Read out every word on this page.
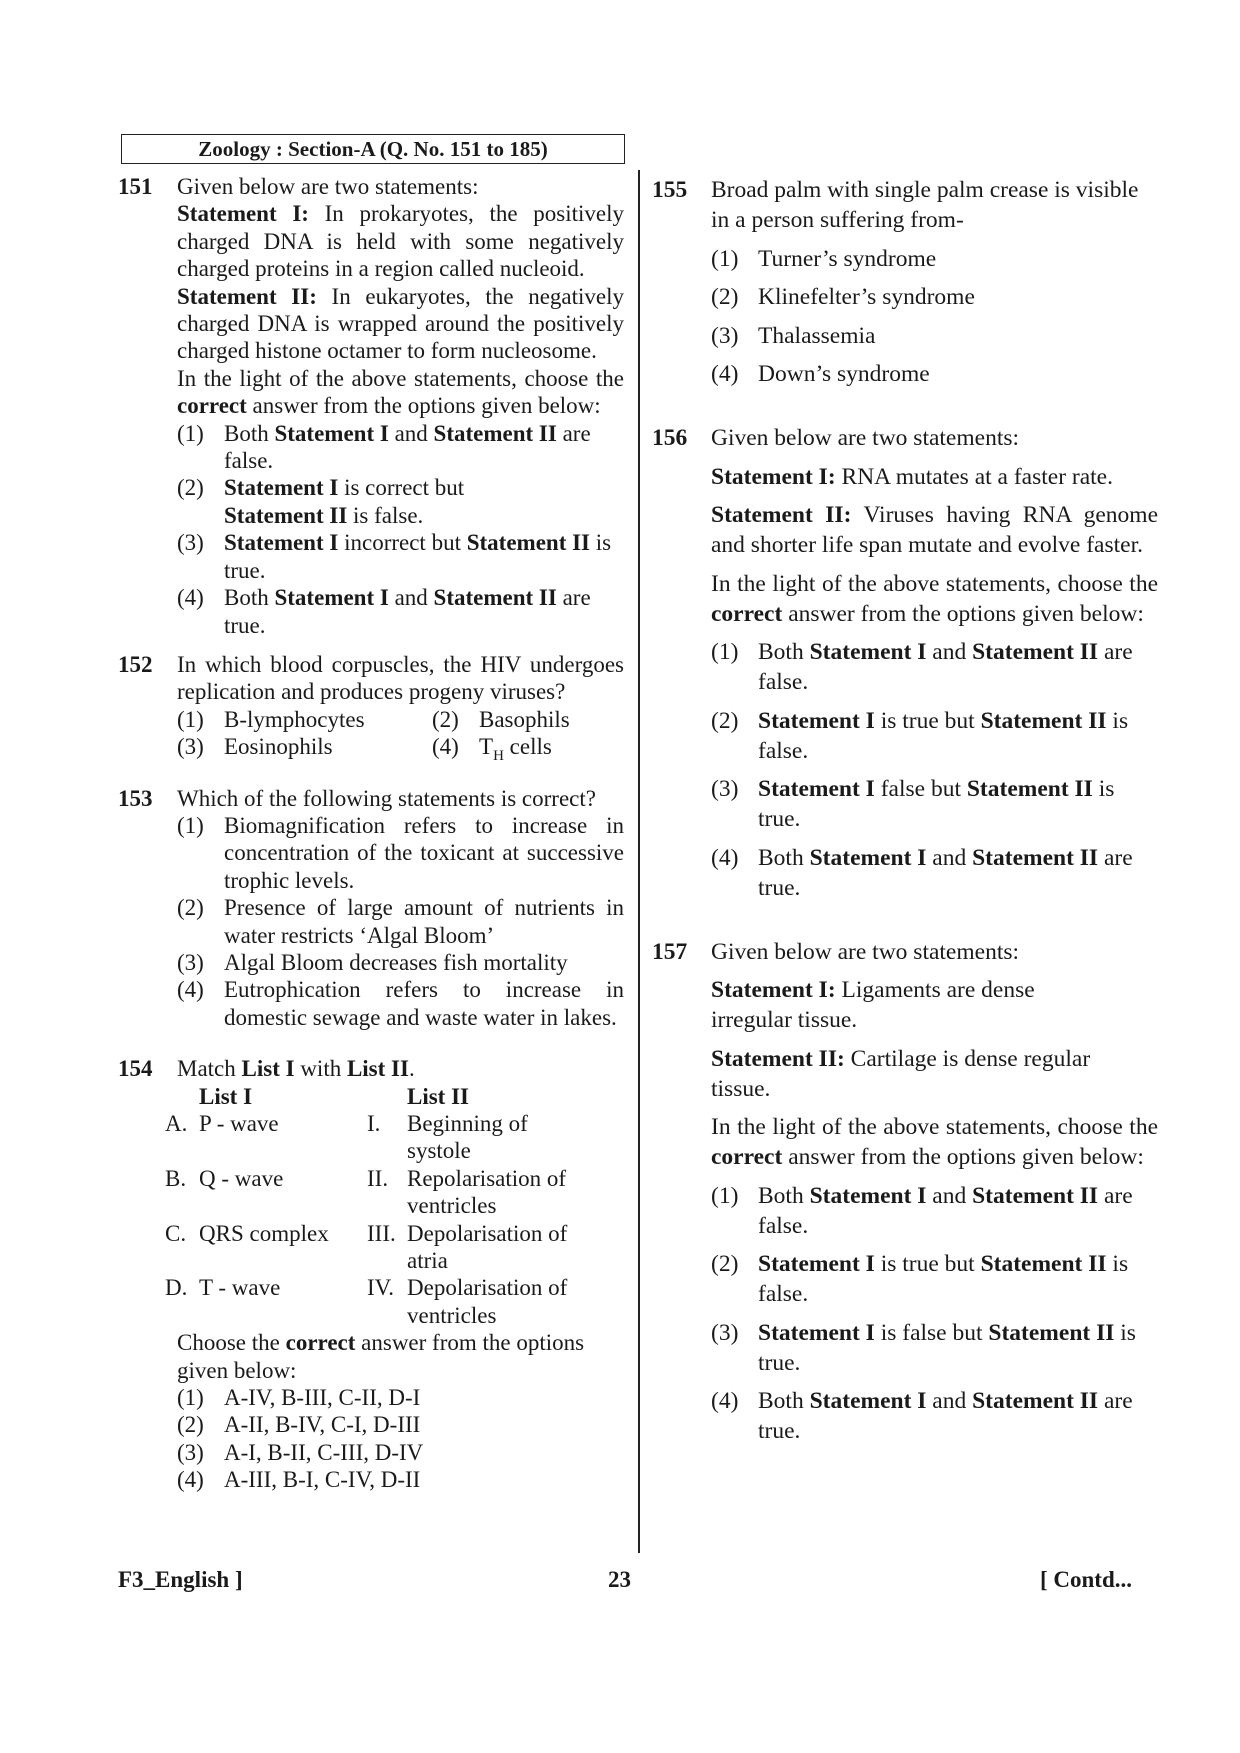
Zoology : Section-A (Q. No. 151 to 185)
151 Given below are two statements:

Statement I: In prokaryotes, the positively charged DNA is held with some negatively charged proteins in a region called nucleoid.

Statement II: In eukaryotes, the negatively charged DNA is wrapped around the positively charged histone octamer to form nucleosome.

In the light of the above statements, choose the correct answer from the options given below:

(1) Both Statement I and Statement II are false.
(2) Statement I is correct but
Statement II is false.
(3) Statement I incorrect but Statement II is true.
(4) Both Statement I and Statement II are true.
152 In which blood corpuscles, the HIV undergoes replication and produces progeny viruses?

(1) B-lymphocytes	(2) Basophils
(3) Eosinophils	(4) $T_H$ cells
153 Which of the following statements is correct?

(1) Biomagnification refers to increase in concentration of the toxicant at successive trophic levels.
(2) Presence of large amount of nutrients in water restricts ‘Algal Bloom’
(3) Algal Bloom decreases fish mortality
(4) Eutrophication refers to increase in domestic sewage and waste water in lakes.
154 Match List I with List II.

	List I		List II
A.	P - wave	I.	Beginning of systole
B.	Q - wave	II.	Repolarisation of ventricles
C.	QRS complex	III.	Depolarisation of atria
D.	T - wave	IV.	Depolarisation of ventricles

Choose the correct answer from the options given below:

(1) A-IV, B-III, C-II, D-I
(2) A-II, B-IV, C-I, D-III
(3) A-I, B-II, C-III, D-IV
(4) A-III, B-I, C-IV, D-II
155 Broad palm with single palm crease is visible in a person suffering from-

(1) Turner’s syndrome
(2) Klinefelter’s syndrome
(3) Thalassemia
(4) Down’s syndrome
156 Given below are two statements:

Statement I: RNA mutates at a faster rate.

Statement II: Viruses having RNA genome and shorter life span mutate and evolve faster.

In the light of the above statements, choose the correct answer from the options given below:

(1) Both Statement I and Statement II are false.
(2) Statement I is true but Statement II is false.
(3) Statement I false but Statement II is true.
(4) Both Statement I and Statement II are true.
157 Given below are two statements:

Statement I: Ligaments are dense irregular tissue.

Statement II: Cartilage is dense regular tissue.

In the light of the above statements, choose the correct answer from the options given below:

(1) Both Statement I and Statement II are false.
(2) Statement I is true but Statement II is false.
(3) Statement I is false but Statement II is true.
(4) Both Statement I and Statement II are true.
F3_English ]	23	[ Contd...
